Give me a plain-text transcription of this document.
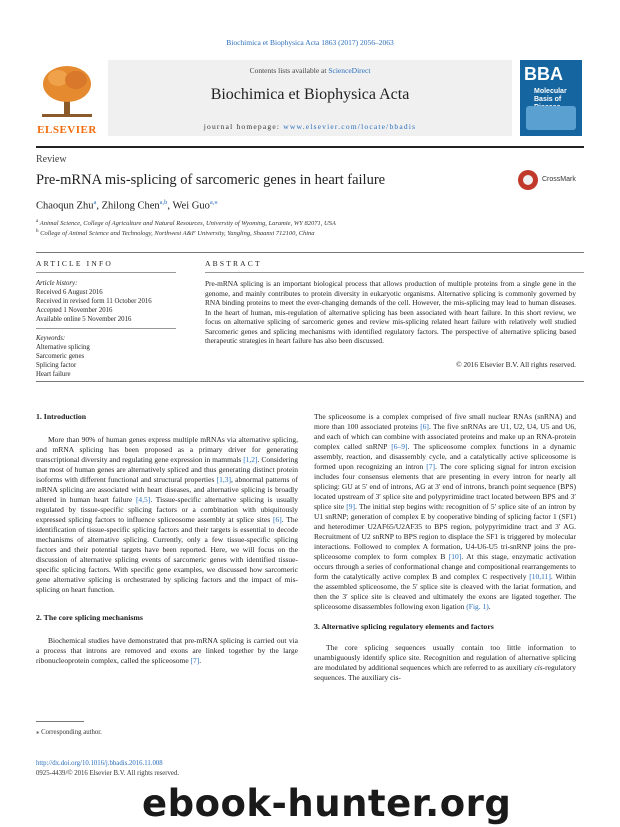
Biochimica et Biophysica Acta 1863 (2017) 2056–2063
ELSEVIER
Contents lists available at ScienceDirect
Biochimica et Biophysica Acta
journal homepage: www.elsevier.com/locate/bbadis
BBA
Molecular Basis of
Review
Pre-mRNA mis-splicing of sarcomeric genes in heart failure	CrossMark
Chaoqun Zhu$^a$, Zhilong Chen$^{a,b}$, Wei Guo$^{a,⁎}$
$^a$ Animal Science, College of Agriculture and Natural Resources, University of Wyoming, Laramie, WY 82071, USA
$^b$ College of Animal Science and Technology, Northwest A&F University, Yangling, Shaanxi 712100, China
ARTICLE INFO	ABSTRACT
Article history:
Received 6 August 2016
Received in revised form 11 October 2016
Accepted 1 November 2016
Available online 5 November 2016
Keywords:
Alternative splicing
Sarcomeric genes
Splicing factor
Heart failure
Pre-mRNA splicing is an important biological process that allows production of multiple proteins from a single gene in the genome, and mainly contributes to protein diversity in eukaryotic organisms. Alternative splicing is commonly governed by RNA binding proteins to meet the ever-changing demands of the cell. However, the mis-splicing may lead to human diseases. In the heart of human, mis-regulation of alternative splicing has been associated with heart failure. In this short review, we focus on alternative splicing of sarcomeric genes and review mis-splicing related heart failure with relatively well studied Sarcomeric genes and splicing mechanisms with identified regulatory factors. The perspective of alternative splicing based therapeutic strategies in heart failure has also been discussed.
© 2016 Elsevier B.V. All rights reserved.

1. Introduction

More than 90% of human genes express multiple mRNAs via alternative splicing, and mRNA splicing has been proposed as a primary driver for generating transcriptional diversity and regulating gene expression in mammals [1,2]. Considering that most of human genes are alternatively spliced and thus generating distinct protein isoforms with different functional and structural properties [1,3], abnormal patterns of mRNA splicing are associated with heart diseases, and alternative splicing is broadly altered in human heart failure [4,5]. Tissue-specific alternative splicing is usually regulated by tissue-specific splicing factors or a combination with ubiquitously expressed splicing factors to influence spliceosome assembly at splice sites [6]. The identification of tissue-specific splicing factors and their targets is essential to decode mechanisms of alternative splicing. Currently, only a few tissue-specific splicing factors and their potential targets have been reported. Here, we will focus on the discussion of alternative splicing events of sarcomeric genes with identified tissue-specific splicing factors. With specific gene examples, we discussed how sarcomeric gene alternative splicing is orchestrated by splicing factors and the impact of mis-splicing on heart function.

2. The core splicing mechanisms

Biochemical studies have demonstrated that pre-mRNA splicing is carried out via a process that introns are removed and exons are linked together by the large ribonucleoprotein complex, called the spliceosome [7].

The spliceosome is a complex comprised of five small nuclear RNAs (snRNA) and more than 100 associated proteins [6]. The five snRNAs are U1, U2, U4, U5 and U6, and each of which can combine with associated proteins and make up an RNA-protein complex called snRNP [6–9]. The spliceosome complex functions in a dynamic assembly, reaction, and disassembly cycle, and a catalytically active spliceosome is formed upon recognizing an intron [7]. The core splicing signal for intron excision includes four consensus elements that are presenting in every intron for nearly all splicing: GU at 5′ end of introns, AG at 3′ end of introns, branch point sequence (BPS) located upstream of 3′ splice site and polypyrimidine tract located between BPS and 3′ splice site [9]. The initial step begins with: recognition of 5′ splice site of an intron by U1 snRNP; generation of complex E by cooperative binding of splicing factor 1 (SF1) and heterodimer U2AF65/U2AF35 to BPS region, polypyrimidine tract and 3′ AG. Recruitment of U2 snRNP to BPS region to displace the SF1 is triggered by molecular interactions. Followed to complex A formation, U4-U6-U5 tri-snRNP joins the pre-spliceosome complex to form complex B [10]. At this stage, enzymatic activation occurs through a series of conformational change and compositional rearrangements to form the catalytically active complex B and complex C respectively [10,11]. Within the assembled spliceosome, the 5′ splice site is cleaved with the lariat formation, and then the 3′ splice site is cleaved and ultimately the exons are ligated together. The spliceosome disassembles following exon ligation (Fig. 1).

3. Alternative splicing regulatory elements and factors

The core splicing sequences usually contain too little information to unambiguously identify splice site. Recognition and regulation of alternative splicing are modulated by additional sequences which are referred to as auxiliary cis-regulatory sequences. The auxiliary cis-

⁎ Corresponding author.
http://dx.doi.org/10.1016/j.bbadis.2016.11.008
0925-4439/© 2016 Elsevier B.V. All rights reserved.
ebook-hunter.org
